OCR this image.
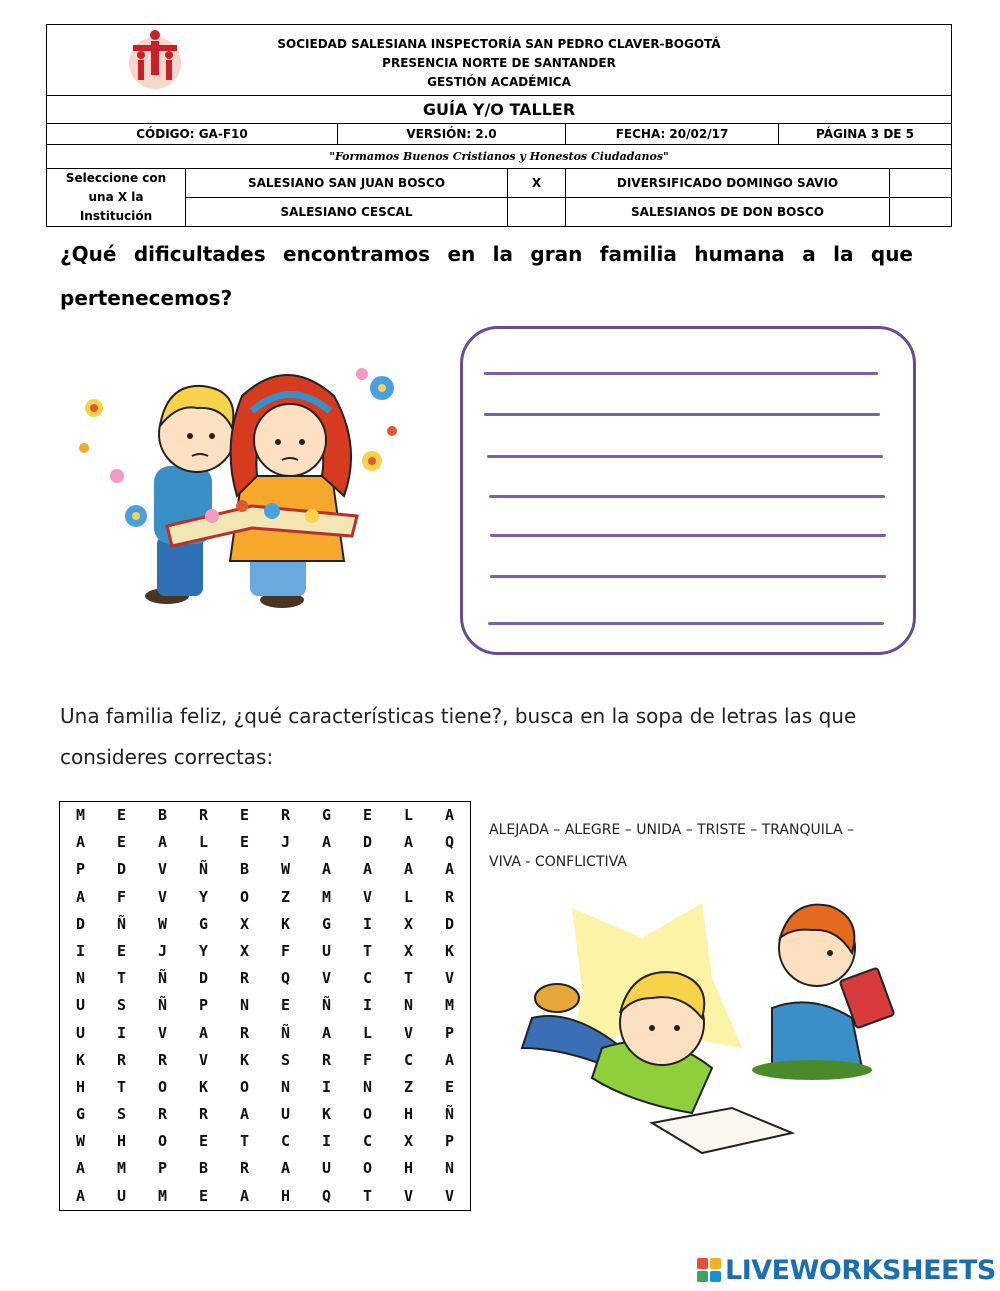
SOCIEDAD SALESIANA INSPECTORÍA SAN PEDRO CLAVER-BOGOTÁ
PRESENCIA NORTE DE SANTANDER
GESTIÓN ACADÉMICA						

GUÍA Y/O TALLER						
CÓDIGO: GA-F10		VERSIÓN: 2.0		FECHA: 20/02/17	PÁGINA 3 DE 5	
"Formamos Buenos Cristianos y Honestos Ciudadanos"						
Seleccione con una X la Institución	SALESIANO SAN JUAN BOSCO		X	DIVERSIFICADO DOMINGO SAVIO		
	SALESIANO CESCAL			SALESIANOS DE DON BOSCO		
¿Qué dificultades encontramos en la gran familia humana a la que pertenecemos?
Una familia feliz, ¿qué características tiene?, busca en la sopa de letras las que consideres correctas:
M	E	B	R	E	R	G	E	L	A
A	E	A	L	E	J	A	D	A	Q
P	D	V	Ñ	B	W	A	A	A	A
A	F	V	Y	O	Z	M	V	L	R
D	Ñ	W	G	X	K	G	I	X	D
I	E	J	Y	X	F	U	T	X	K
N	T	Ñ	D	R	Q	V	C	T	V
U	S	Ñ	P	N	E	Ñ	I	N	M
U	I	V	A	R	Ñ	A	L	V	P
K	R	R	V	K	S	R	F	C	A
H	T	O	K	O	N	I	N	Z	E
G	S	R	R	A	U	K	O	H	Ñ
W	H	O	E	T	C	I	C	X	P
A	M	P	B	R	A	U	O	H	N
A	U	M	E	A	H	Q	T	V	V
ALEJADA – ALEGRE – UNIDA – TRISTE – TRANQUILA –
VIVA - CONFLICTIVA
LIVEWORKSHEETS
